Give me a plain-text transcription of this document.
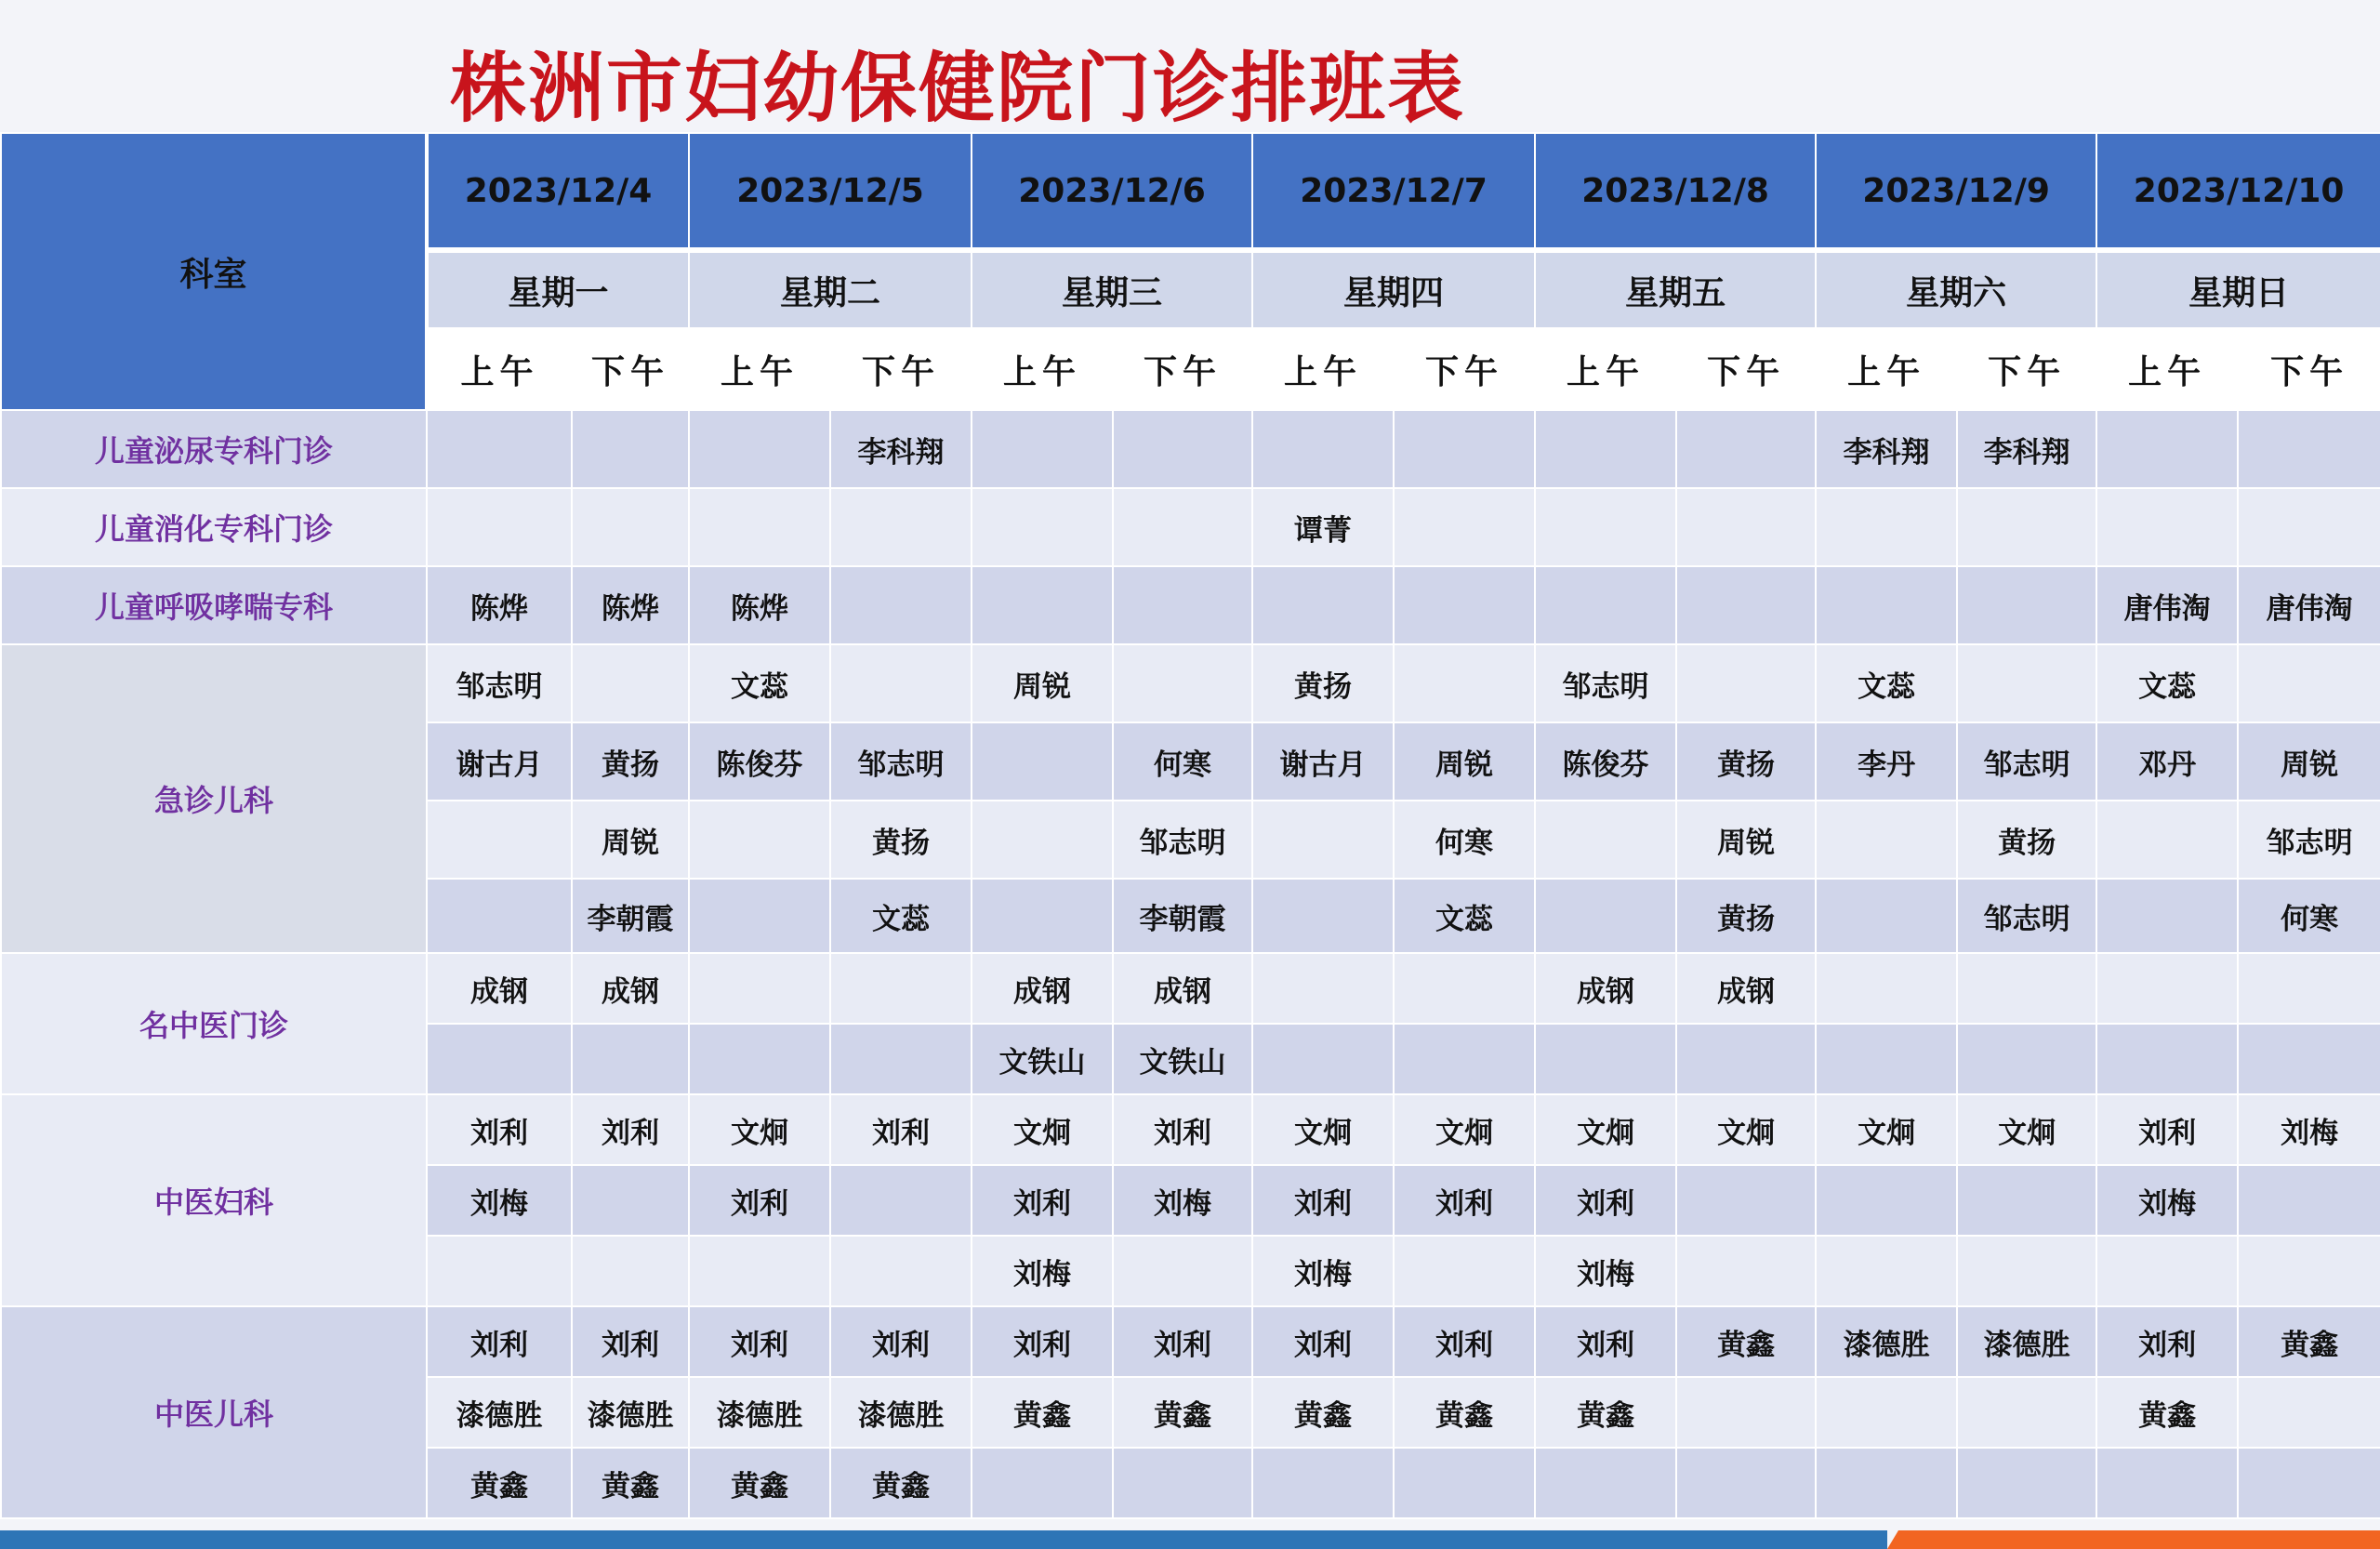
株洲市妇幼保健院门诊排班表
科室	2023/12/4		2023/12/5		2023/12/6		2023/12/7		2023/12/8		2023/12/9		2023/12/10	
	星期一		星期二		星期三		星期四		星期五		星期六		星期日	
	上午	下午	上午	下午	上午	下午	上午	下午	上午	下午	上午	下午	上午	下午
儿童泌尿专科门诊				李科翔							李科翔	李科翔		
儿童消化专科门诊							谭菁							
儿童呼吸哮喘专科	陈烨	陈烨	陈烨										唐伟淘	唐伟淘
急诊儿科	邹志明		文蕊		周锐		黄扬		邹志明		文蕊		文蕊	
	谢古月	黄扬	陈俊芬	邹志明		何寒	谢古月	周锐	陈俊芬	黄扬	李丹	邹志明	邓丹	周锐
		周锐		黄扬		邹志明		何寒		周锐		黄扬		邹志明
		李朝霞		文蕊		李朝霞		文蕊		黄扬		邹志明		何寒
名中医门诊	成钢	成钢			成钢	成钢			成钢	成钢				
					文铁山	文铁山								
中医妇科	刘利	刘利	文炯	刘利	文炯	刘利	文炯	文炯	文炯	文炯	文炯	文炯	刘利	刘梅
	刘梅		刘利		刘利	刘梅	刘利	刘利	刘利				刘梅	
					刘梅		刘梅		刘梅					
中医儿科	刘利	刘利	刘利	刘利	刘利	刘利	刘利	刘利	刘利	黄鑫	漆德胜	漆德胜	刘利	黄鑫
	漆德胜	漆德胜	漆德胜	漆德胜	黄鑫	黄鑫	黄鑫	黄鑫	黄鑫				黄鑫	
	黄鑫	黄鑫	黄鑫	黄鑫										
